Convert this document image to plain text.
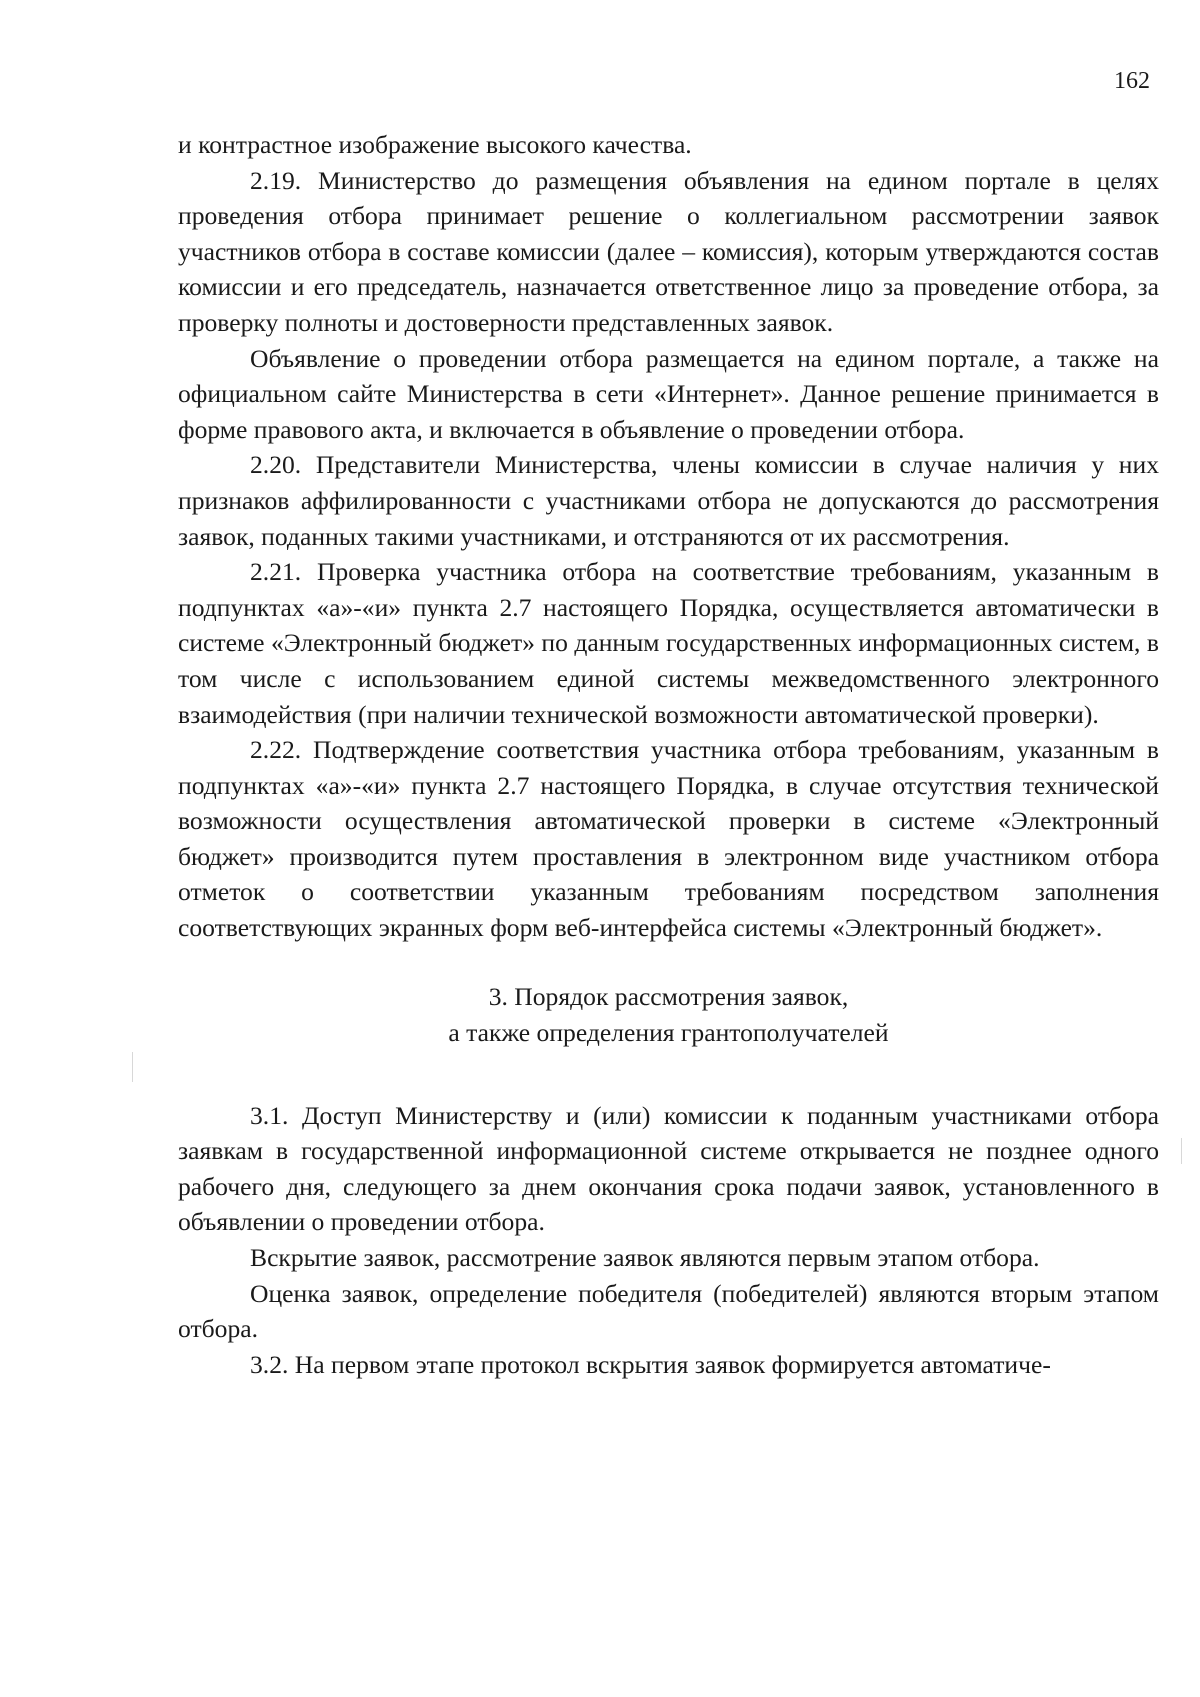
162

и контрастное изображение высокого качества.

2.19. Министерство до размещения объявления на едином портале в целях проведения отбора принимает решение о коллегиальном рассмотрении заявок участников отбора в составе комиссии (далее – комиссия), которым утверждаются состав комиссии и его председатель, назначается ответственное лицо за проведение отбора, за проверку полноты и достоверности представленных заявок.

Объявление о проведении отбора размещается на едином портале, а также на официальном сайте Министерства в сети «Интернет». Данное решение принимается в форме правового акта, и включается в объявление о проведении отбора.

2.20. Представители Министерства, члены комиссии в случае наличия у них признаков аффилированности с участниками отбора не допускаются до рассмотрения заявок, поданных такими участниками, и отстраняются от их рассмотрения.

2.21. Проверка участника отбора на соответствие требованиям, указанным в подпунктах «а»-«и» пункта 2.7 настоящего Порядка, осуществляется автоматически в системе «Электронный бюджет» по данным государственных информационных систем, в том числе с использованием единой системы межведомственного электронного взаимодействия (при наличии технической возможности автоматической проверки).

2.22. Подтверждение соответствия участника отбора требованиям, указанным в подпунктах «а»-«и» пункта 2.7 настоящего Порядка, в случае отсутствия технической возможности осуществления автоматической проверки в системе «Электронный бюджет» производится путем проставления в электронном виде участником отбора отметок о соответствии указанным требованиям посредством заполнения соответствующих экранных форм веб-интерфейса системы «Электронный бюджет».

3. Порядок рассмотрения заявок,
а также определения грантополучателей

3.1. Доступ Министерству и (или) комиссии к поданным участниками отбора заявкам в государственной информационной системе открывается не позднее одного рабочего дня, следующего за днем окончания срока подачи заявок, установленного в объявлении о проведении отбора.

Вскрытие заявок, рассмотрение заявок являются первым этапом отбора.

Оценка заявок, определение победителя (победителей) являются вторым этапом отбора.

3.2. На первом этапе протокол вскрытия заявок формируется автоматиче-
